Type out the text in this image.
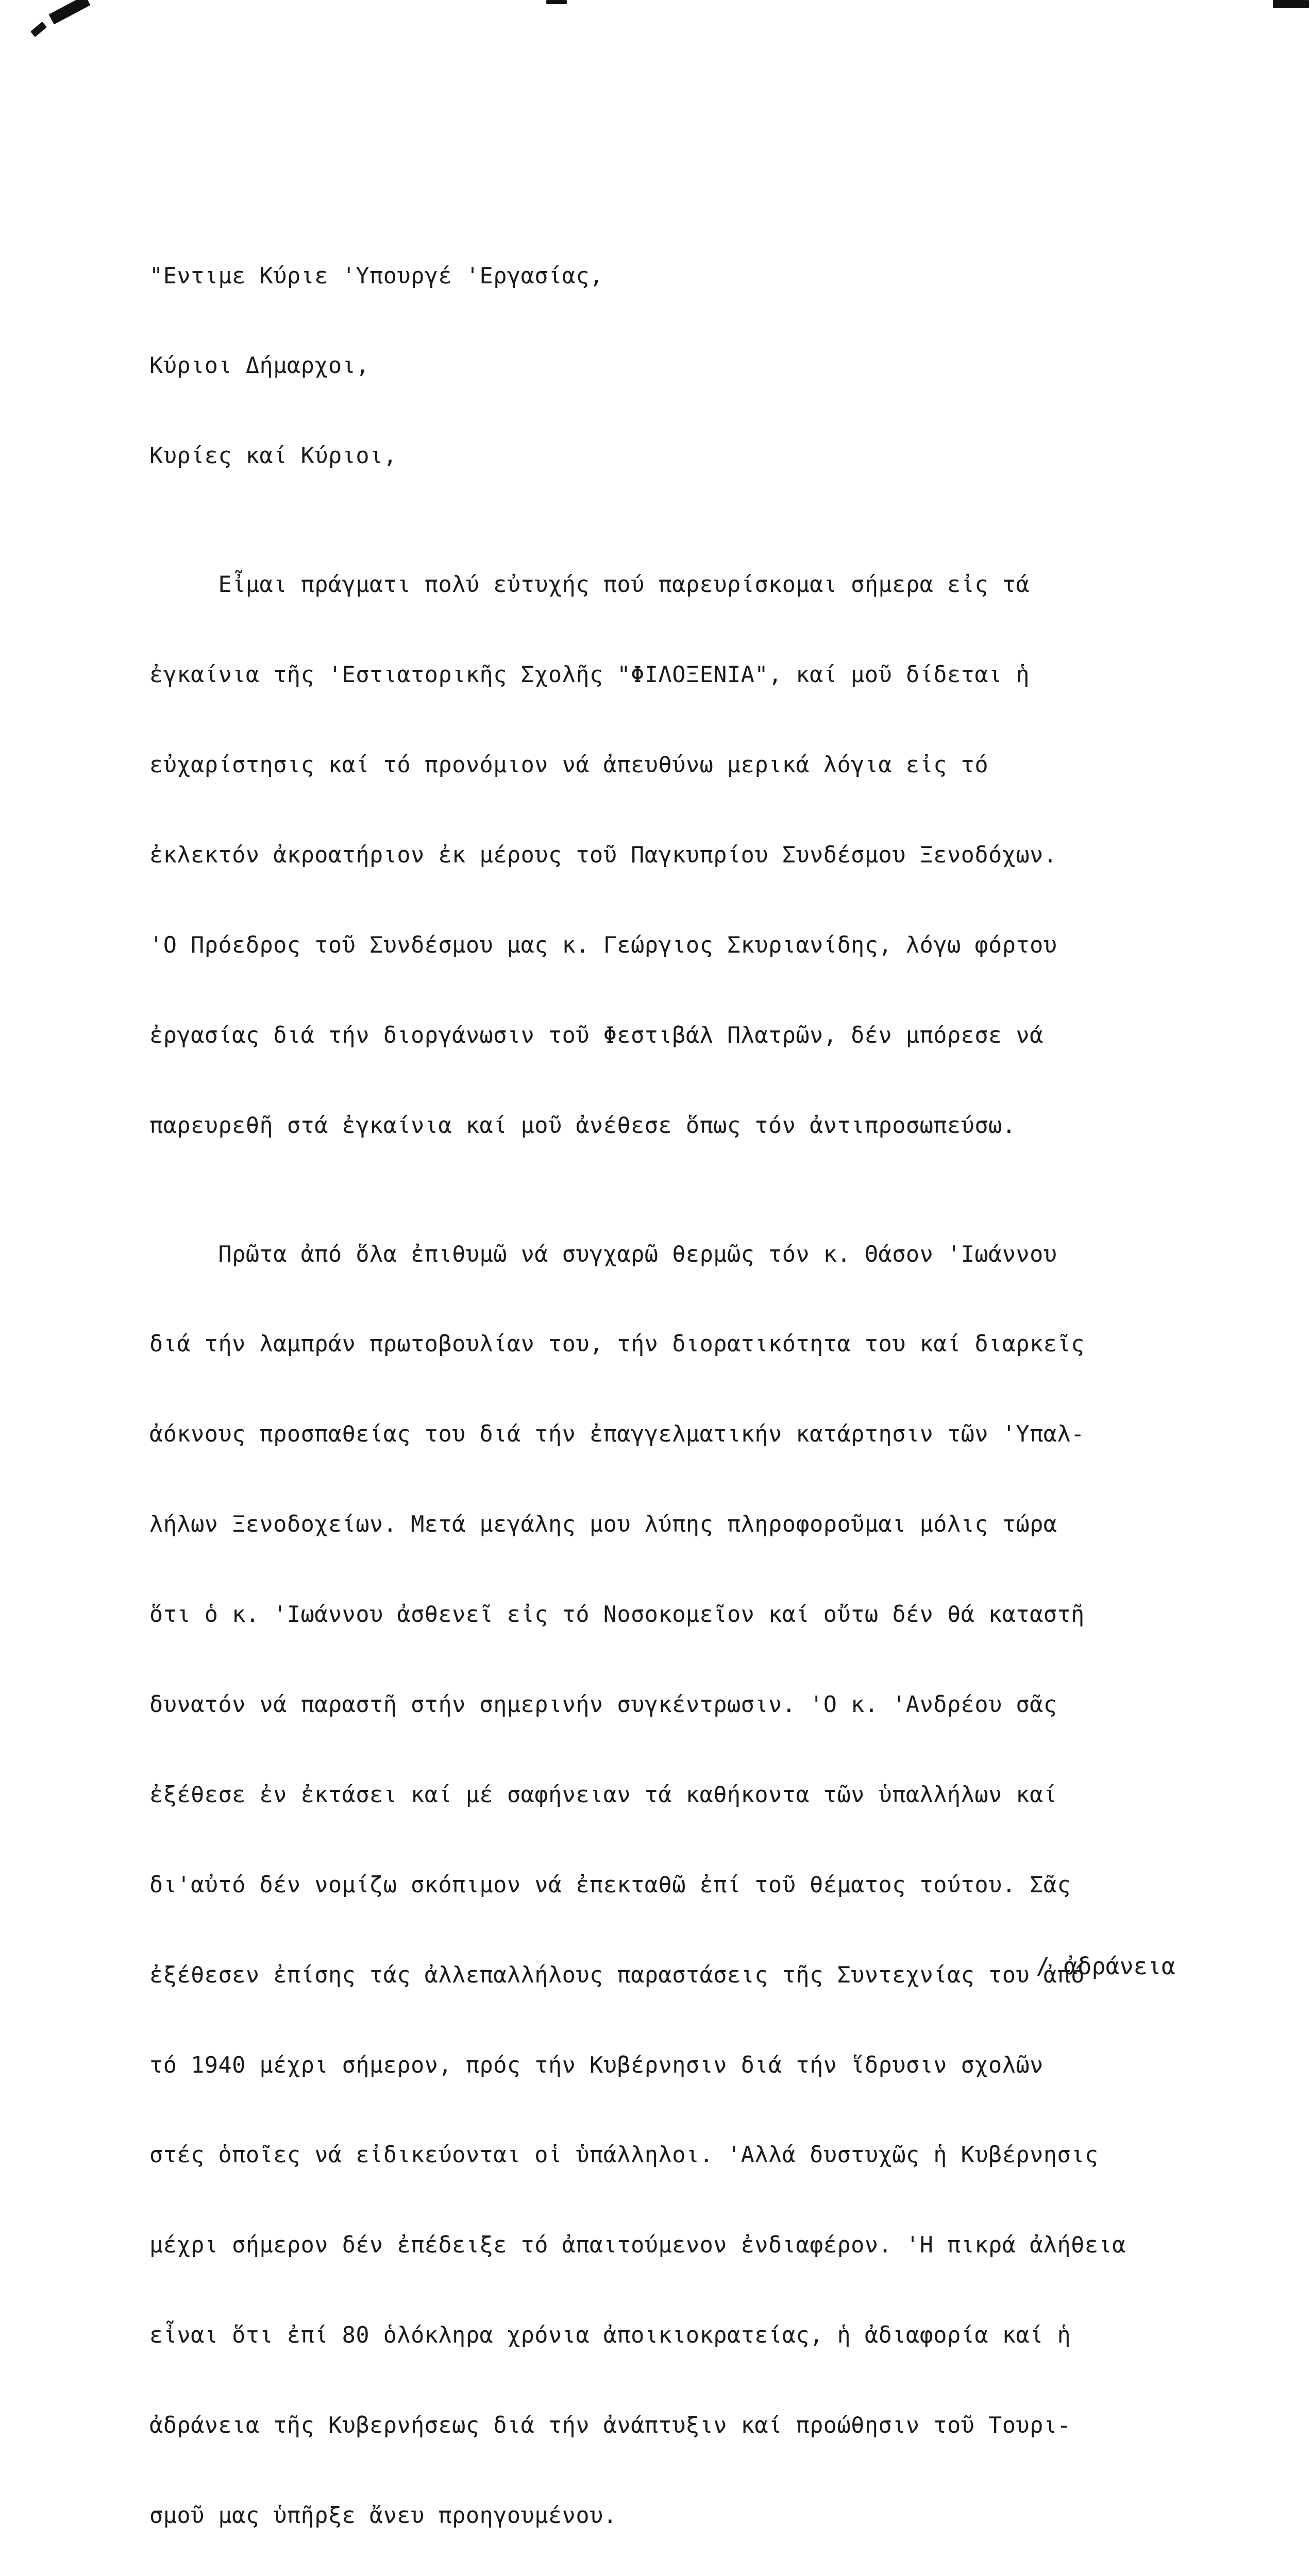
"Εντιμε Κύριε 'Υπουργέ 'Εργασίας,

Κύριοι Δήμαρχοι,

Κυρίες καί Κύριοι,

Εἶμαι πράγματι πολύ εὐτυχής πού παρευρίσκομαι σήμερα εἰς τά

ἐγκαίνια τῆς 'Εστιατορικῆς Σχολῆς "ΦΙΛΟΞΕΝΙΑ", καί μοῦ δίδεται ἡ

εὐχαρίστησις καί τό προνόμιον νά ἀπευθύνω μερικά λόγια εἰς τό

ἐκλεκτόν ἀκροατήριον ἐκ μέρους τοῦ Παγκυπρίου Συνδέσμου Ξενοδόχων.

'Ο Πρόεδρος τοῦ Συνδέσμου μας κ. Γεώργιος Σκυριανίδης, λόγω φόρτου

ἐργασίας διά τήν διοργάνωσιν τοῦ Φεστιβάλ Πλατρῶν, δέν μπόρεσε νά

παρευρεθῆ στά ἐγκαίνια καί μοῦ ἀνέθεσε ὅπως τόν ἀντιπροσωπεύσω.

Πρῶτα ἀπό ὅλα ἐπιθυμῶ νά συγχαρῶ θερμῶς τόν κ. Θάσον 'Ιωάννου

διά τήν λαμπράν πρωτοβουλίαν του, τήν διορατικότητα του καί διαρκεῖς

ἀόκνους προσπαθείας του διά τήν ἐπαγγελματικήν κατάρτησιν τῶν 'Υπαλ-

λήλων Ξενοδοχείων. Μετά μεγάλης μου λύπης πληροφοροῦμαι μόλις τώρα

ὅτι ὁ κ. 'Ιωάννου ἀσθενεῖ εἰς τό Νοσοκομεῖον καί οὔτω δέν θά καταστῆ

δυνατόν νά παραστῆ στήν σημερινήν συγκέντρωσιν. 'Ο κ. 'Ανδρέου σᾶς

ἐξέθεσε ἐν ἐκτάσει καί μέ σαφήνειαν τά καθήκοντα τῶν ὑπαλλήλων καί

δι'αὐτό δέν νομίζω σκόπιμον νά ἐπεκταθῶ ἐπί τοῦ θέματος τούτου. Σᾶς

ἐξέθεσεν ἐπίσης τάς ἀλλεπαλλήλους παραστάσεις τῆς Συντεχνίας του ἀπό

τό 1940 μέχρι σήμερον, πρός τήν Κυβέρνησιν διά τήν ἵδρυσιν σχολῶν

στές ὁποῖες νά εἰδικεύονται οἱ ὑπάλληλοι. 'Αλλά δυστυχῶς ἡ Κυβέρνησις

μέχρι σήμερον δέν ἐπέδειξε τό ἀπαιτούμενον ἐνδιαφέρον. 'Η πικρά ἀλήθεια

εἶναι ὅτι ἐπί 80 ὁλόκληρα χρόνια ἀποικιοκρατείας, ἡ ἀδιαφορία καί ἡ

ἀδράνεια τῆς Κυβερνήσεως διά τήν ἀνάπτυξιν καί προώθησιν τοῦ Τουρι-

σμοῦ μας ὑπῆρξε ἄνευ προηγουμένου.

/ ἀδράνεια
